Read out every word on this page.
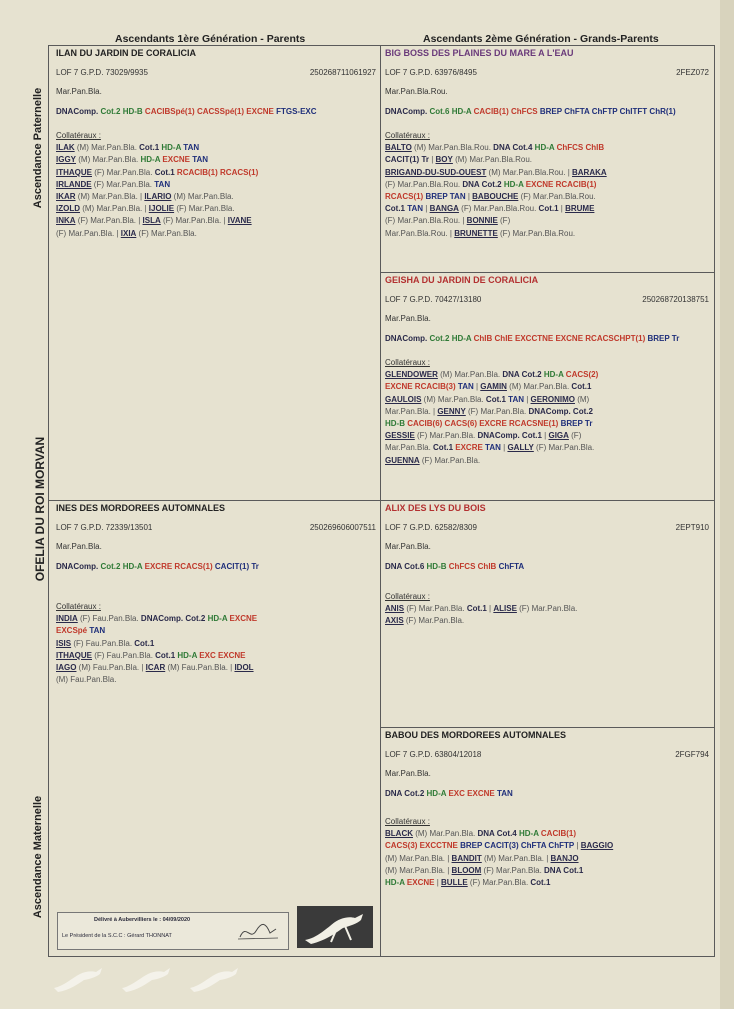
Ascendants 1ère Génération - Parents	Ascendants 2ème Génération - Grands-Parents
Ascendance Paternelle
OFELIA DU ROI MORVAN
Ascendance Maternelle
ILAN DU JARDIN DE CORALICIA
LOF 7 G.P.D. 73029/9935	250268711061927
Mar.Pan.Bla.
DNAComp. Cot.2 HD-B CACIBSpé(1) CACSSpé(1) EXCNE FTGS-EXC
Collatéraux :
ILAK (M) Mar.Pan.Bla. Cot.1 HD-A TAN
IGGY (M) Mar.Pan.Bla. HD-A EXCNE TAN
ITHAQUE (F) Mar.Pan.Bla. Cot.1 RCACIB(1) RCACS(1)
IRLANDE (F) Mar.Pan.Bla. TAN
IKAR (M) Mar.Pan.Bla. | ILARIO (M) Mar.Pan.Bla.
IZOLD (M) Mar.Pan.Bla. | IJOLIE (F) Mar.Pan.Bla.
INKA (F) Mar.Pan.Bla. | ISLA (F) Mar.Pan.Bla. | IVANE
(F) Mar.Pan.Bla. | IXIA (F) Mar.Pan.Bla.
BIG BOSS DES PLAINES DU MARE A L'EAU
LOF 7 G.P.D. 63976/8495	2FEZ072
Mar.Pan.Bla.Rou.
DNAComp. Cot.6 HD-A CACIB(1) ChFCS BREP ChFTA ChFTP ChITFT ChR(1)
Collatéraux :
BALTO (M) Mar.Pan.Bla.Rou. DNA Cot.4 HD-A ChFCS ChIB
CACIT(1) Tr | BOY (M) Mar.Pan.Bla.Rou.
BRIGAND-DU-SUD-OUEST (M) Mar.Pan.Bla.Rou. | BARAKA
(F) Mar.Pan.Bla.Rou. DNA Cot.2 HD-A EXCNE RCACIB(1)
RCACS(1) BREP TAN | BABOUCHE (F) Mar.Pan.Bla.Rou.
Cot.1 TAN | BANGA (F) Mar.Pan.Bla.Rou. Cot.1 | BRUME
(F) Mar.Pan.Bla.Rou. | BONNIE (F)
Mar.Pan.Bla.Rou. | BRUNETTE (F) Mar.Pan.Bla.Rou.
GEISHA DU JARDIN DE CORALICIA
LOF 7 G.P.D. 70427/13180	250268720138751
Mar.Pan.Bla.
DNAComp. Cot.2 HD-A ChIB ChIE EXCCTNE EXCNE RCACSCHPT(1) BREP Tr
Collatéraux :
GLENDOWER (M) Mar.Pan.Bla. DNA Cot.2 HD-A CACS(2)
EXCNE RCACIB(3) TAN | GAMIN (M) Mar.Pan.Bla. Cot.1
GAULOIS (M) Mar.Pan.Bla. Cot.1 TAN | GERONIMO (M)
Mar.Pan.Bla. | GENNY (F) Mar.Pan.Bla. DNAComp. Cot.2
HD-B CACIB(6) CACS(6) EXCRE RCACSNE(1) BREP Tr
GESSIE (F) Mar.Pan.Bla. DNAComp. Cot.1 | GIGA (F)
Mar.Pan.Bla. Cot.1 EXCRE TAN | GALLY (F) Mar.Pan.Bla.
GUENNA (F) Mar.Pan.Bla.
INES DES MORDOREES AUTOMNALES
LOF 7 G.P.D. 72339/13501	250269606007511
Mar.Pan.Bla.
DNAComp. Cot.2 HD-A EXCRE RCACS(1) CACIT(1) Tr
Collatéraux :
INDIA (F) Fau.Pan.Bla. DNAComp. Cot.2 HD-A EXCNE
EXCSpé TAN
ISIS (F) Fau.Pan.Bla. Cot.1
ITHAQUE (F) Fau.Pan.Bla. Cot.1 HD-A EXC EXCNE
IAGO (M) Fau.Pan.Bla. | ICAR (M) Fau.Pan.Bla. | IDOL
(M) Fau.Pan.Bla.
ALIX DES LYS DU BOIS
LOF 7 G.P.D. 62582/8309	2EPT910
Mar.Pan.Bla.
DNA Cot.6 HD-B ChFCS ChIB ChFTA
Collatéraux :
ANIS (F) Mar.Pan.Bla. Cot.1 | ALISE (F) Mar.Pan.Bla.
AXIS (F) Mar.Pan.Bla.
BABOU DES MORDOREES AUTOMNALES
LOF 7 G.P.D. 63804/12018	2FGF794
Mar.Pan.Bla.
DNA Cot.2 HD-A EXC EXCNE TAN
Collatéraux :
BLACK (M) Mar.Pan.Bla. DNA Cot.4 HD-A CACIB(1)
CACS(3) EXCCTNE BREP CACIT(3) ChFTA ChFTP | BAGGIO
(M) Mar.Pan.Bla. | BANDIT (M) Mar.Pan.Bla. | BANJO
(M) Mar.Pan.Bla. | BLOOM (F) Mar.Pan.Bla. DNA Cot.1
HD-A EXCNE | BULLE (F) Mar.Pan.Bla. Cot.1
Délivré à Aubervilliers le : 04/09/2020
Le Président de la S.C.C : Gérard THONNAT
